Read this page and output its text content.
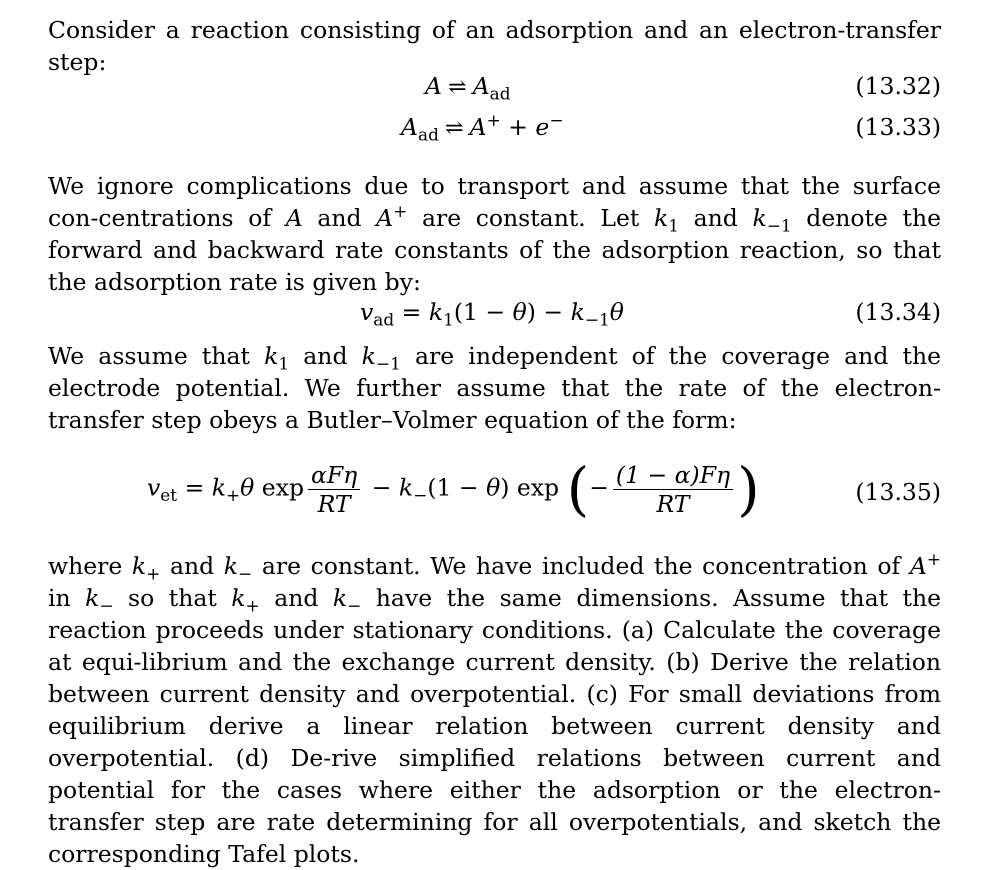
Consider a reaction consisting of an adsorption and an electron-transfer step:

A ⇌ $A_{ad}$	(13.32)
$A_{ad}$ ⇌ A+ + e−	(13.33)

We ignore complications due to transport and assume that the surface con-centrations of A and A+ are constant. Let $k_1$ and $k_{-1}$ denote the forward and backward rate constants of the adsorption reaction, so that the adsorption rate is given by:

$v_{ad} = k_1(1 - \theta) - k_{-1}\theta$	(13.34)

We assume that $k_1$ and $k_{-1}$ are independent of the coverage and the electrode potential. We further assume that the rate of the electron-transfer step obeys a Butler–Volmer equation of the form:

$v_{et} = k_+\theta$ $\exp \frac{\text{αFη}}{RT} - k_-(1 - \theta)$ exp (− $\frac{(1 - \alpha)F\eta}{RT}$ )	(13.35)

where $k_+$ and $k_-$ are constant. We have included the concentration of A+ in $k_-$ so that $k_+$ and $k_-$ have the same dimensions. Assume that the reaction proceeds under stationary conditions. (a) Calculate the coverage at equi-librium and the exchange current density. (b) Derive the relation between current density and overpotential. (c) For small deviations from equilibrium derive a linear relation between current density and overpotential. (d) De-rive simplified relations between current and potential for the cases where either the adsorption or the electron-transfer step are rate determining for all overpotentials, and sketch the corresponding Tafel plots.
